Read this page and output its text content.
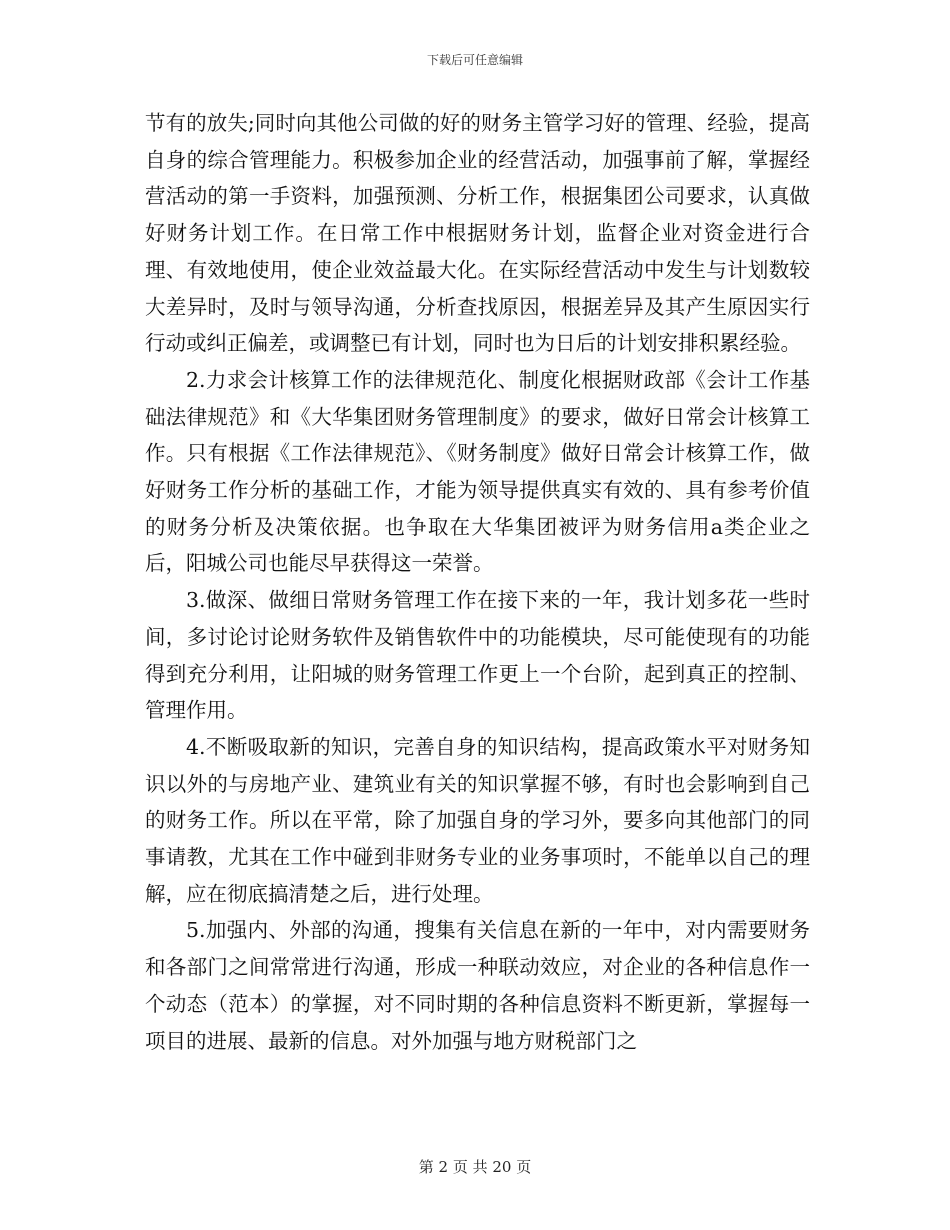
下载后可任意编辑

节有的放失;同时向其他公司做的好的财务主管学习好的管理、经验，提高自身的综合管理能力。积极参加企业的经营活动，加强事前了解，掌握经营活动的第一手资料，加强预测、分析工作，根据集团公司要求，认真做好财务计划工作。在日常工作中根据财务计划，监督企业对资金进行合理、有效地使用，使企业效益最大化。在实际经营活动中发生与计划数较大差异时，及时与领导沟通，分析查找原因，根据差异及其产生原因实行行动或纠正偏差，或调整已有计划，同时也为日后的计划安排积累经验。

2.力求会计核算工作的法律规范化、制度化根据财政部《会计工作基础法律规范》和《大华集团财务管理制度》的要求，做好日常会计核算工作。只有根据《工作法律规范》、《财务制度》做好日常会计核算工作，做好财务工作分析的基础工作，才能为领导提供真实有效的、具有参考价值的财务分析及决策依据。也争取在大华集团被评为财务信用a类企业之后，阳城公司也能尽早获得这一荣誉。

3.做深、做细日常财务管理工作在接下来的一年，我计划多花一些时间，多讨论讨论财务软件及销售软件中的功能模块，尽可能使现有的功能得到充分利用，让阳城的财务管理工作更上一个台阶，起到真正的控制、管理作用。

4.不断吸取新的知识，完善自身的知识结构，提高政策水平对财务知识以外的与房地产业、建筑业有关的知识掌握不够，有时也会影响到自己的财务工作。所以在平常，除了加强自身的学习外，要多向其他部门的同事请教，尤其在工作中碰到非财务专业的业务事项时，不能单以自己的理解，应在彻底搞清楚之后，进行处理。

5.加强内、外部的沟通，搜集有关信息在新的一年中，对内需要财务和各部门之间常常进行沟通，形成一种联动效应，对企业的各种信息作一个动态（范本）的掌握，对不同时期的各种信息资料不断更新，掌握每一项目的进展、最新的信息。对外加强与地方财税部门之

第 2 页 共 20 页
